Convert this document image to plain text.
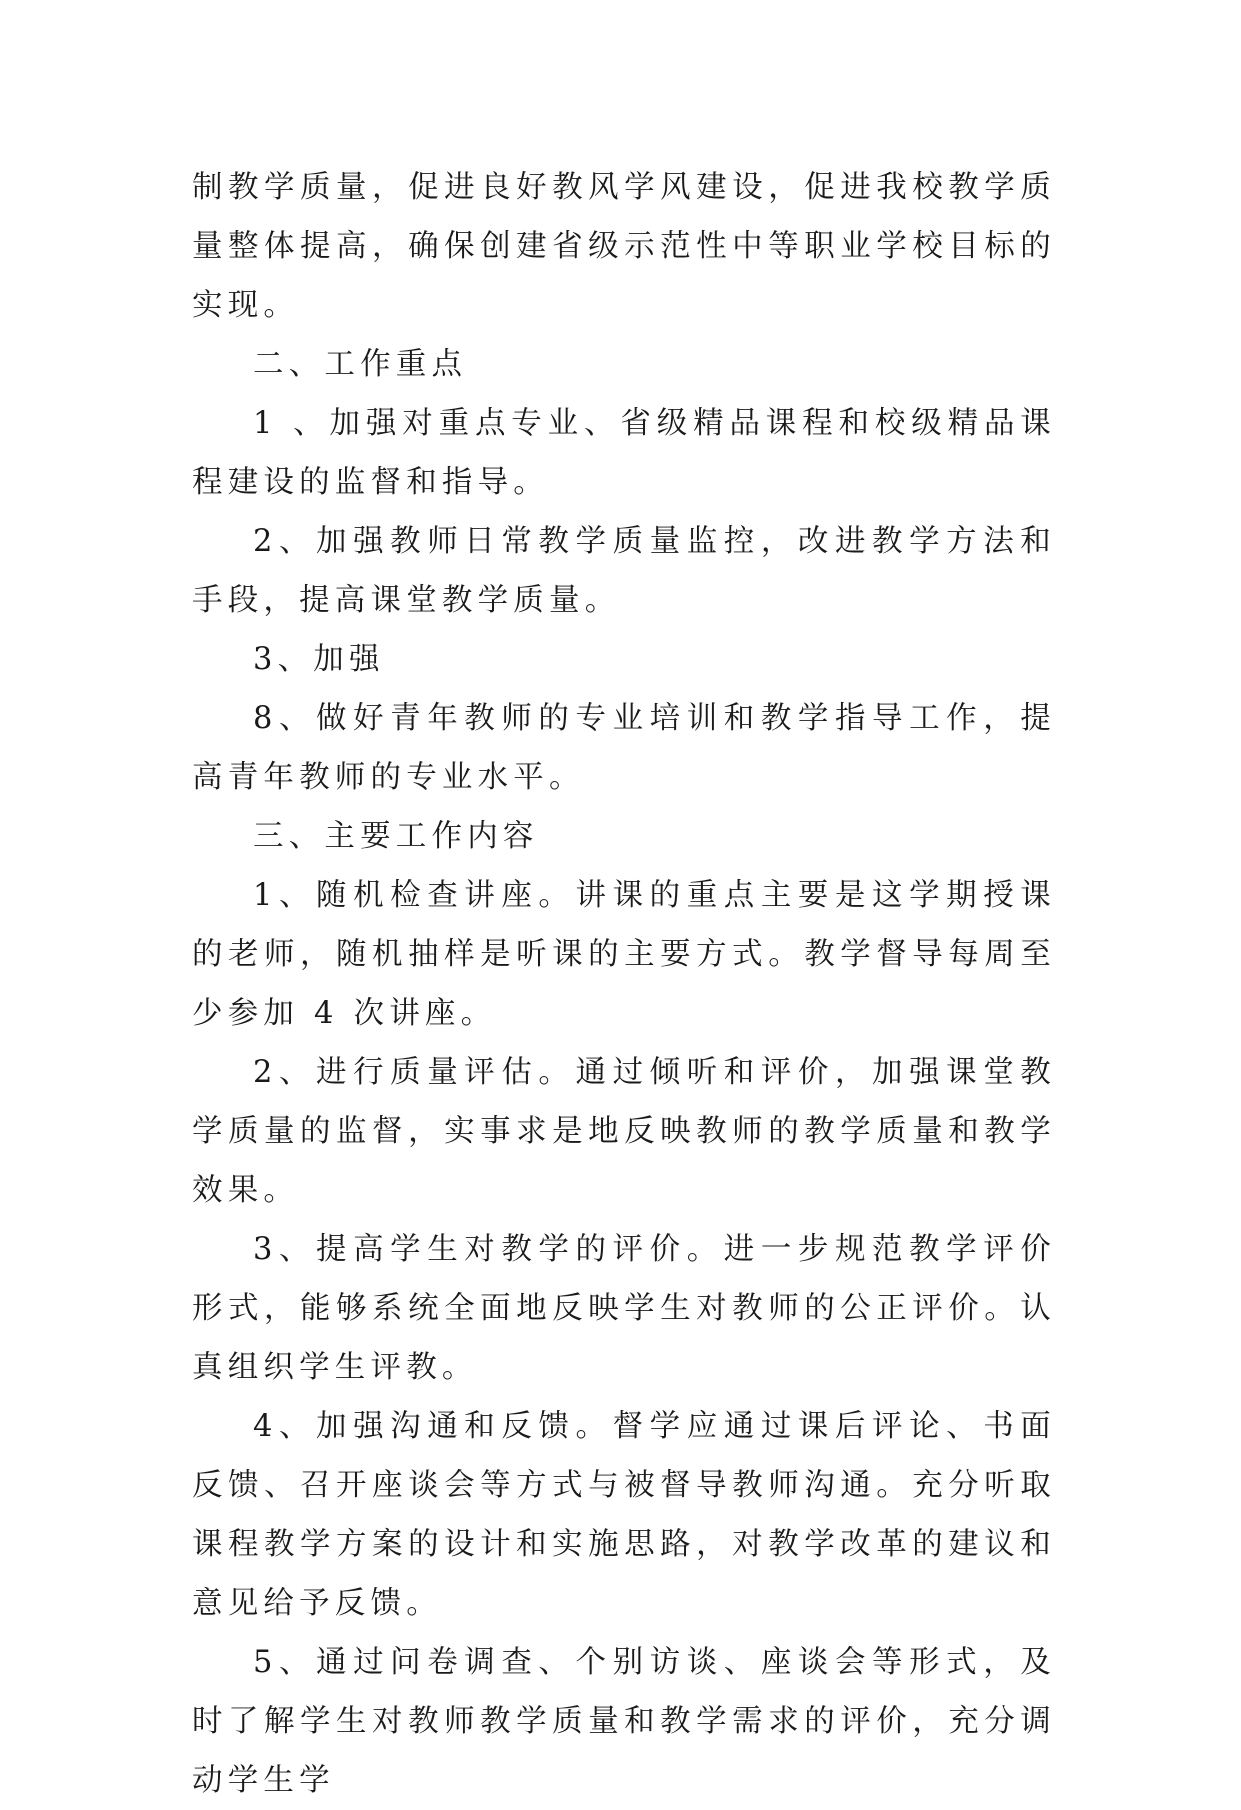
制教学质量，促进良好教风学风建设，促进我校教学质量整体提高，确保创建省级示范性中等职业学校目标的实现。

二、工作重点

1 、加强对重点专业、省级精品课程和校级精品课程建设的监督和指导。

2、加强教师日常教学质量监控，改进教学方法和手段，提高课堂教学质量。

3、加强

8、做好青年教师的专业培训和教学指导工作，提高青年教师的专业水平。

三、主要工作内容

1、随机检查讲座。讲课的重点主要是这学期授课的老师，随机抽样是听课的主要方式。教学督导每周至少参加 4 次讲座。

2、进行质量评估。通过倾听和评价，加强课堂教学质量的监督，实事求是地反映教师的教学质量和教学效果。

3、提高学生对教学的评价。进一步规范教学评价形式，能够系统全面地反映学生对教师的公正评价。认真组织学生评教。

4、加强沟通和反馈。督学应通过课后评论、书面反馈、召开座谈会等方式与被督导教师沟通。充分听取课程教学方案的设计和实施思路，对教学改革的建议和意见给予反馈。

5、通过问卷调查、个别访谈、座谈会等形式，及时了解学生对教师教学质量和教学需求的评价，充分调动学生学
